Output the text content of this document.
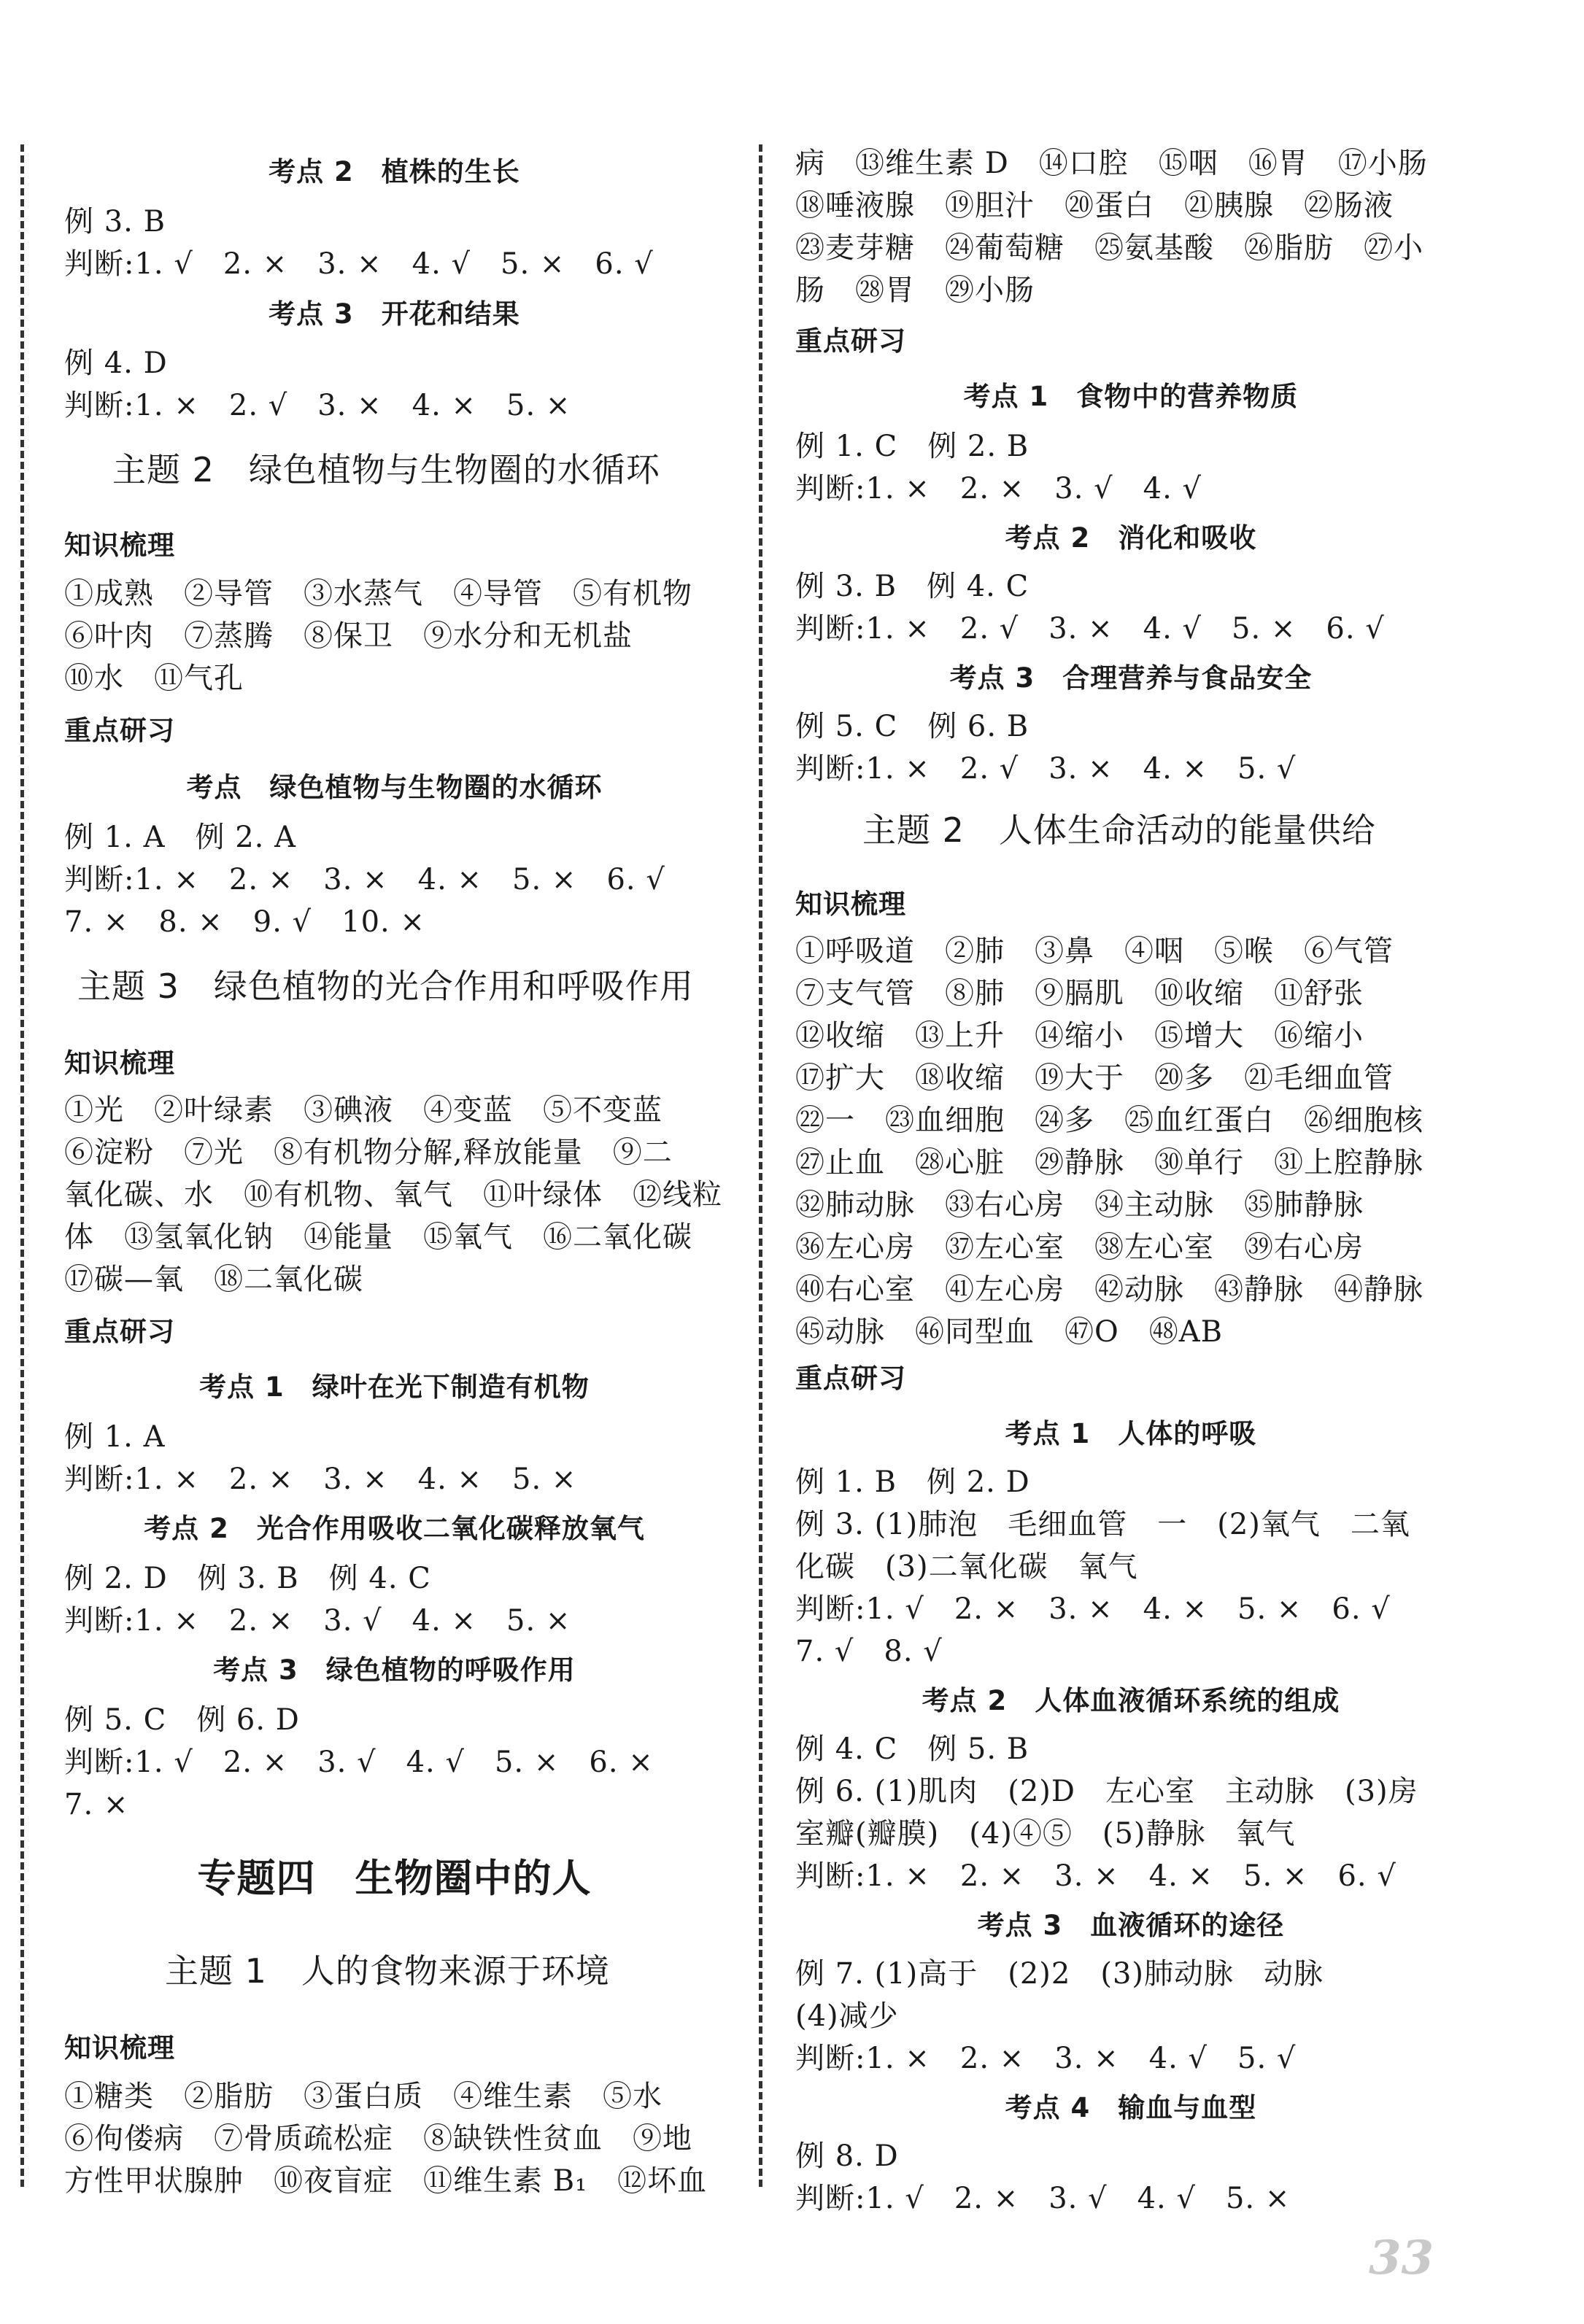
考点 2　植株的生长
例 3. B
判断:1. √　2. ×　3. ×　4. √　5. ×　6. √
考点 3　开花和结果
例 4. D
判断:1. ×　2. √　3. ×　4. ×　5. ×
主题 2　绿色植物与生物圈的水循环
知识梳理
①成熟　②导管　③水蒸气　④导管　⑤有机物
⑥叶肉　⑦蒸腾　⑧保卫　⑨水分和无机盐
⑩水　⑪气孔
重点研习
考点　绿色植物与生物圈的水循环
例 1. A　例 2. A
判断:1. ×　2. ×　3. ×　4. ×　5. ×　6. √
7. ×　8. ×　9. √　10. ×
主题 3　绿色植物的光合作用和呼吸作用
知识梳理
①光　②叶绿素　③碘液　④变蓝　⑤不变蓝
⑥淀粉　⑦光　⑧有机物分解,释放能量　⑨二
氧化碳、水　⑩有机物、氧气　⑪叶绿体　⑫线粒
体　⑬氢氧化钠　⑭能量　⑮氧气　⑯二氧化碳
⑰碳—氧　⑱二氧化碳
重点研习
考点 1　绿叶在光下制造有机物
例 1. A
判断:1. ×　2. ×　3. ×　4. ×　5. ×
考点 2　光合作用吸收二氧化碳释放氧气
例 2. D　例 3. B　例 4. C
判断:1. ×　2. ×　3. √　4. ×　5. ×
考点 3　绿色植物的呼吸作用
例 5. C　例 6. D
判断:1. √　2. ×　3. √　4. √　5. ×　6. ×
7. ×
专题四　生物圈中的人
主题 1　人的食物来源于环境
知识梳理
①糖类　②脂肪　③蛋白质　④维生素　⑤水
⑥佝偻病　⑦骨质疏松症　⑧缺铁性贫血　⑨地
方性甲状腺肿　⑩夜盲症　⑪维生素 B₁　⑫坏血
病　⑬维生素 D　⑭口腔　⑮咽　⑯胃　⑰小肠
⑱唾液腺　⑲胆汁　⑳蛋白　㉑胰腺　㉒肠液
㉓麦芽糖　㉔葡萄糖　㉕氨基酸　㉖脂肪　㉗小
肠　㉘胃　㉙小肠
重点研习
考点 1　食物中的营养物质
例 1. C　例 2. B
判断:1. ×　2. ×　3. √　4. √
考点 2　消化和吸收
例 3. B　例 4. C
判断:1. ×　2. √　3. ×　4. √　5. ×　6. √
考点 3　合理营养与食品安全
例 5. C　例 6. B
判断:1. ×　2. √　3. ×　4. ×　5. √
主题 2　人体生命活动的能量供给
知识梳理
①呼吸道　②肺　③鼻　④咽　⑤喉　⑥气管
⑦支气管　⑧肺　⑨膈肌　⑩收缩　⑪舒张
⑫收缩　⑬上升　⑭缩小　⑮增大　⑯缩小
⑰扩大　⑱收缩　⑲大于　⑳多　㉑毛细血管
㉒一　㉓血细胞　㉔多　㉕血红蛋白　㉖细胞核
㉗止血　㉘心脏　㉙静脉　㉚单行　㉛上腔静脉
㉜肺动脉　㉝右心房　㉞主动脉　㉟肺静脉
㊱左心房　㊲左心室　㊳左心室　㊴右心房
㊵右心室　㊶左心房　㊷动脉　㊸静脉　㊹静脉
㊺动脉　㊻同型血　㊼O　㊽AB
重点研习
考点 1　人体的呼吸
例 1. B　例 2. D
例 3. (1)肺泡　毛细血管　一　(2)氧气　二氧
化碳　(3)二氧化碳　氧气
判断:1. √　2. ×　3. ×　4. ×　5. ×　6. √
7. √　8. √
考点 2　人体血液循环系统的组成
例 4. C　例 5. B
例 6. (1)肌肉　(2)D　左心室　主动脉　(3)房
室瓣(瓣膜)　(4)④⑤　(5)静脉　氧气
判断:1. ×　2. ×　3. ×　4. ×　5. ×　6. √
考点 3　血液循环的途径
例 7. (1)高于　(2)2　(3)肺动脉　动脉
(4)减少
判断:1. ×　2. ×　3. ×　4. √　5. √
考点 4　输血与血型
例 8. D
判断:1. √　2. ×　3. √　4. √　5. ×
33
